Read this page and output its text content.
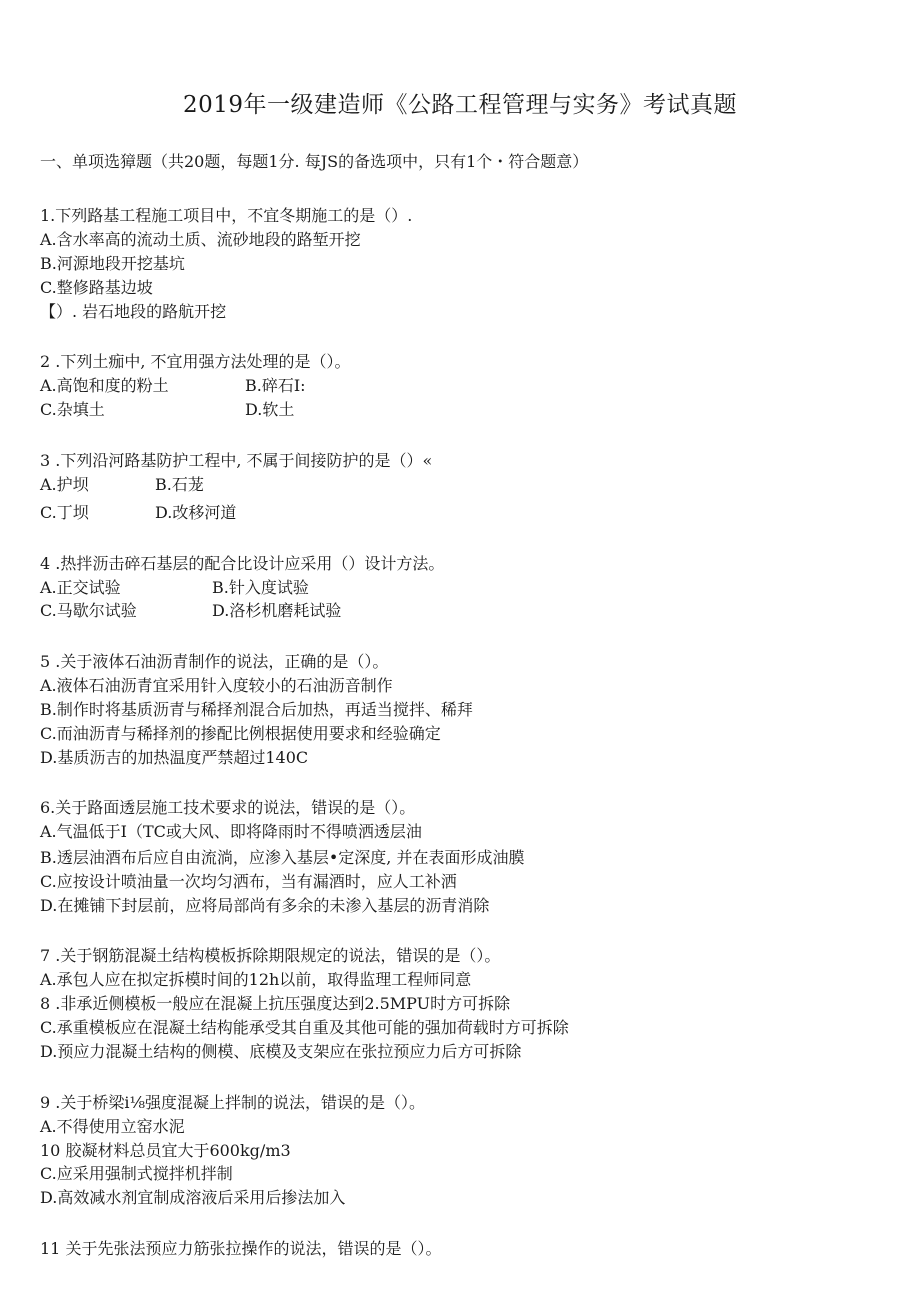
2019年一级建造师《公路工程管理与实务》考试真题
一、单项选獐题（共20题，每题1分. 每JS的备选项中，只有1个・符合题意）
1.下列路基工程施工项目中，不宜冬期施工的是（）.
A.含水率高的流动土质、流砂地段的路堑开挖
B.河源地段开挖基坑
C.整修路基边坡
【）. 岩石地段的路航开挖
2 .下列土痂中, 不宜用强方法处理的是（）。
A.高饱和度的粉土	B.碎石I:
C.杂填土	D.软土
3 .下列沿河路基防护工程中, 不属于间接防护的是（）«
A.护坝	B.石茏
C.丁坝	D.改移河道
4 .热拌沥击碎石基层的配合比设计应采用（）设计方法。
A.正交试验	B.针入度试验
C.马歇尔试验	D.洛杉机磨耗试验
5 .关于液体石油沥青制作的说法，正确的是（）。
A.液体石油沥青宜采用针入度较小的石油沥音制作
B.制作时将基质沥青与稀择剂混合后加热，再适当搅拌、稀拜
C.而油沥青与稀择剂的掺配比例根据使用要求和经验确定
D.基质沥吉的加热温度严禁超过140C
6.关于路面透层施工技术要求的说法，错误的是（）。
A.气温低于I（TC或大风、即将降雨时不得喷洒透层油
B.透层油酒布后应自由流淌，应渗入基层•定深度, 并在表面形成油膜
C.应按设计喷油量一次均匀洒布，当有漏酒时，应人工补洒
D.在摊铺下封层前，应将局部尚有多余的未渗入基层的沥青消除
7 .关于钢筋混凝土结构模板拆除期限规定的说法，错误的是（）。
A.承包人应在拟定拆模时间的12h以前，取得监理工程师同意
8 .非承近侧模板一般应在混凝上抗压强度达到2.5MPU时方可拆除
C.承重模板应在混凝土结构能承受其自重及其他可能的强加荷载时方可拆除
D.预应力混凝土结构的侧模、底模及支架应在张拉预应力后方可拆除
9 .关于桥梁i⅛强度混凝上拌制的说法，错误的是（）。
A.不得使用立窑水泥
10 胶凝材料总员宜大于600kg∕m3
C.应采用强制式搅拌机拌制
D.高效减水剂宜制成溶液后采用后掺法加入
11 关于先张法预应力筋张拉操作的说法，错误的是（）。
